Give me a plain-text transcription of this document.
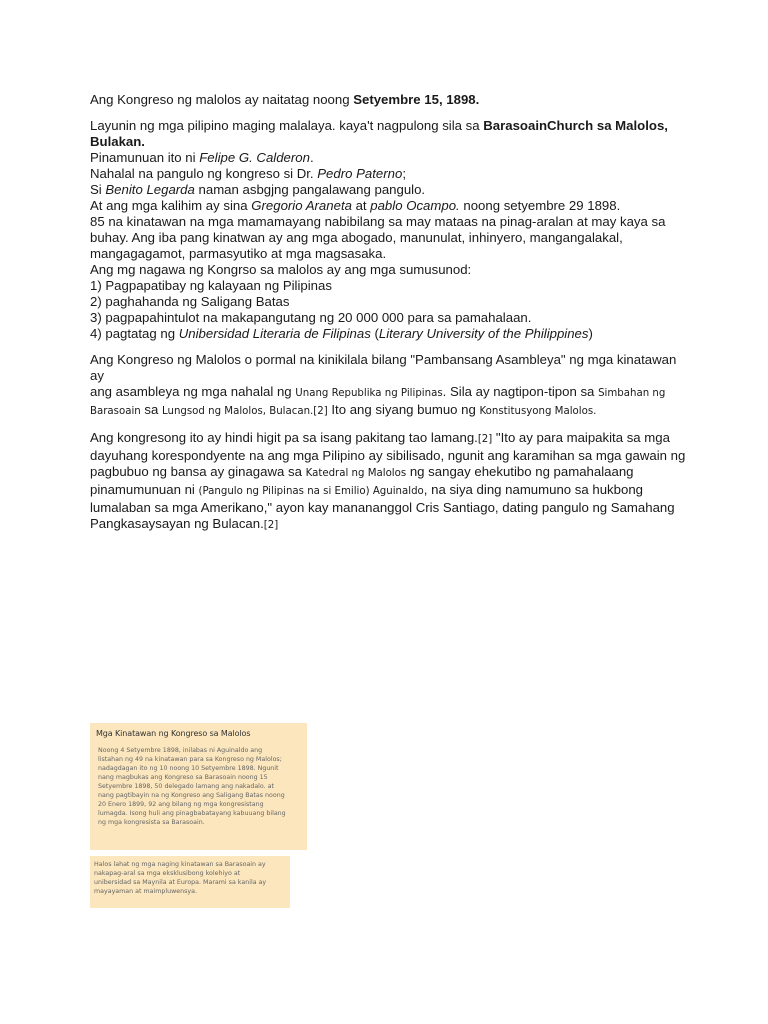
Ang Kongreso ng malolos ay naitatag noong Setyembre 15, 1898.
Layunin ng mga pilipino maging malalaya. kaya't nagpulong sila sa BarasoainChurch sa Malolos,
Bulakan.
Pinamunuan ito ni Felipe G. Calderon.
Nahalal na pangulo ng kongreso si Dr. Pedro Paterno;
Si Benito Legarda naman asbgjng pangalawang pangulo.
At ang mga kalihim ay sina Gregorio Araneta at pablo Ocampo. noong setyembre 29 1898.
85 na kinatawan na mga mamamayang nabibilang sa may mataas na pinag-aralan at may kaya sa
buhay. Ang iba pang kinatwan ay ang mga abogado, manunulat, inhinyero, mangangalakal,
mangagagamot, parmasyutiko at mga magsasaka.
Ang mg nagawa ng Kongrso sa malolos ay ang mga sumusunod:
1) Pagpapatibay ng kalayaan ng Pilipinas
2) paghahanda ng Saligang Batas
3) pagpapahintulot na makapangutang ng 20 000 000 para sa pamahalaan.
4) pagtatag ng Unibersidad Literaria de Filipinas (Literary University of the Philippines)
Ang Kongreso ng Malolos o pormal na kinikilala bilang "Pambansang Asambleya" ng mga kinatawan ay
ang asambleya ng mga nahalal ng Unang Republika ng Pilipinas. Sila ay nagtipon-tipon sa Simbahan ng
Barasoain sa Lungsod ng Malolos, Bulacan.[2] Ito ang siyang bumuo ng Konstitusyong Malolos.
Ang kongresong ito ay hindi higit pa sa isang pakitang tao lamang.[2] "Ito ay para maipakita sa mga
dayuhang korespondyente na ang mga Pilipino ay sibilisado, ngunit ang karamihan sa mga gawain ng
pagbubuo ng bansa ay ginagawa sa Katedral ng Malolos ng sangay ehekutibo ng pamahalaang
pinamumunuan ni (Pangulo ng Pilipinas na si Emilio) Aguinaldo, na siya ding namumuno sa hukbong
lumalaban sa mga Amerikano," ayon kay manananggol Cris Santiago, dating pangulo ng Samahang
Pangkasaysayan ng Bulacan.[2]
Mga Kinatawan ng Kongreso sa Malolos
Noong 4 Setyembre 1898, inilabas ni Aguinaldo ang
listahan ng 49 na kinatawan para sa Kongreso ng Malolos;
nadagdagan ito ng 10 noong 10 Setyembre 1898. Ngunit
nang magbukas ang Kongreso sa Barasoain noong 15
Setyembre 1898, 50 delegado lamang ang nakadalo. at
nang pagtibayin na ng Kongreso ang Saligang Batas noong
20 Enero 1899, 92 ang bilang ng mga kongresistang
lumagda. Isong huli ang pinagbabatayang kabuuang bilang
ng mga kongresista sa Barasoain.
Halos lahat ng mga naging kinatawan sa Barasoain ay
nakapag-aral sa mga eksklusibong kolehiyo at
unibersidad sa Maynila at Europa. Marami sa kanila ay
mayayaman at maimpluwensya.
